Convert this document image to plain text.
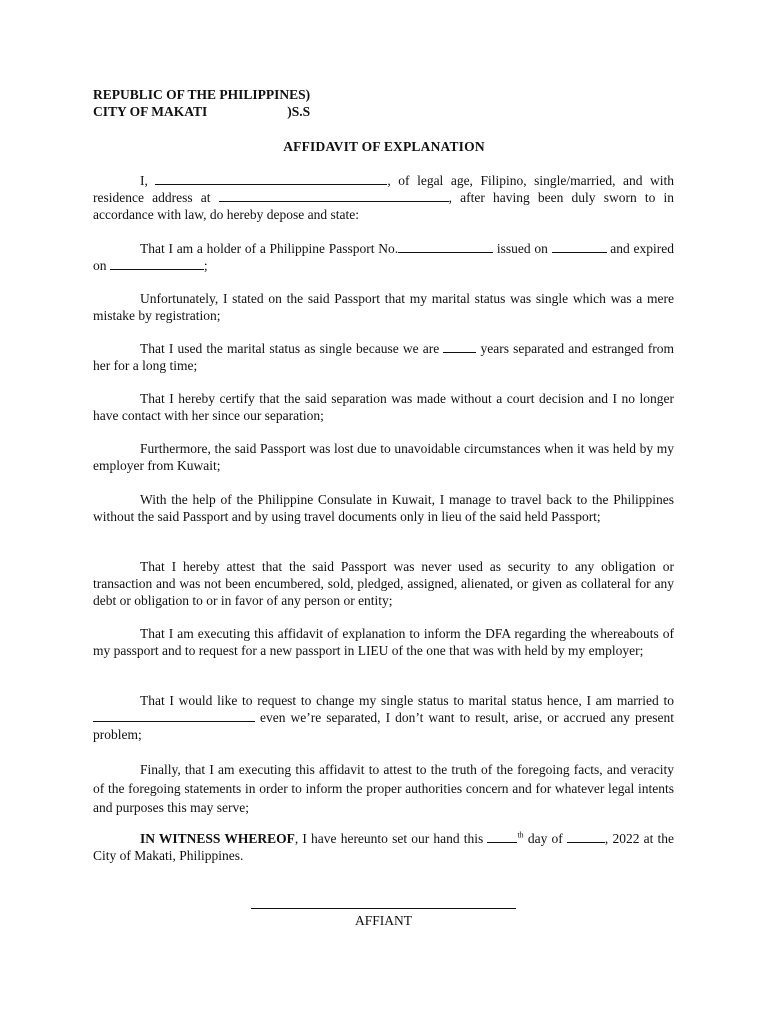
REPUBLIC OF THE PHILIPPINES)
CITY OF MAKATI	)S.S
AFFIDAVIT OF EXPLANATION
I,	, of legal age, Filipino, single/married, and with residence address at	, after having been duly sworn to in accordance with law, do hereby depose and state:
That I am a holder of a Philippine Passport No.	issued on	and expired on	;
Unfortunately, I stated on the said Passport that my marital status was single which was a mere mistake by registration;
That I used the marital status as single because we are  years separated and estranged from her for a long time;
That I hereby certify that the said separation was made without a court decision and I no longer have contact with her since our separation;
Furthermore, the said Passport was lost due to unavoidable circumstances when it was held by my employer from Kuwait;
With the help of the Philippine Consulate in Kuwait, I manage to travel back to the Philippines without the said Passport and by using travel documents only in lieu of the said held Passport;
That I hereby attest that the said Passport was never used as security to any obligation or transaction and was not been encumbered, sold, pledged, assigned, alienated, or given as collateral for any debt or obligation to or in favor of any person or entity;
That I am executing this affidavit of explanation to inform the DFA regarding the whereabouts of my passport and to request for a new passport in LIEU of the one that was with held by my employer;
That I would like to request to change my single status to marital status hence, I am married to  even we’re separated, I don’t want to result, arise, or accrued any present problem;
Finally, that I am executing this affidavit to attest to the truth of the foregoing facts, and veracity of the foregoing statements in order to inform the proper authorities concern and for whatever legal intents and purposes this may serve;
IN WITNESS WHEREOF, I have hereunto set our hand this	$^{th}$ day of	, 2022 at the City of Makati, Philippines.
AFFIANT
